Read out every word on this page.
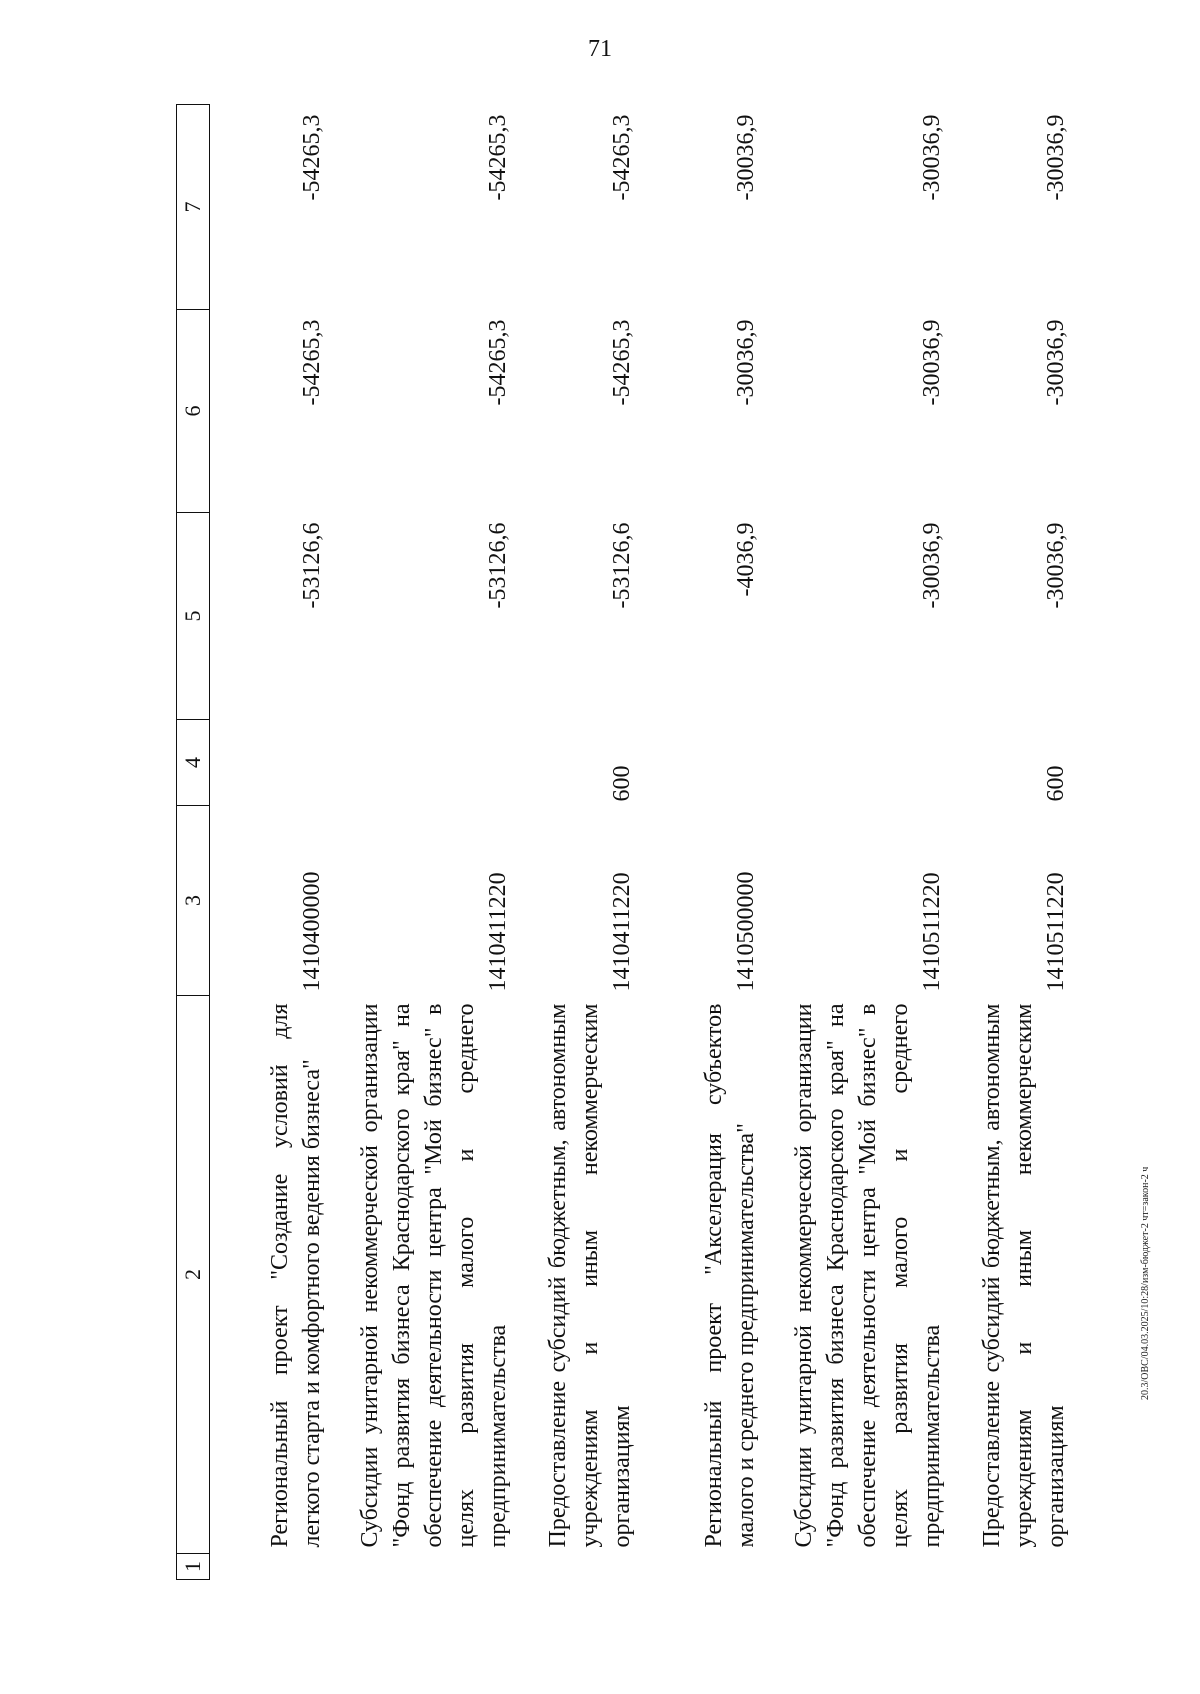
71
1	2	3	4	5	6	7
	Региональный проект "Создание условий для легкого старта и комфортного ведения бизнеса"	1410400000		-53126,6	-54265,3	-54265,3
	Субсидии унитарной некоммерческой организации "Фонд развития бизнеса Краснодарского края" на обеспечение деятельности центра "Мой бизнес" в целях развития малого и среднего предпринимательства	1410411220		-53126,6	-54265,3	-54265,3
	Предоставление субсидий бюджетным, автономным учреждениям и иным некоммерческим организациям	1410411220	600	-53126,6	-54265,3	-54265,3
	Региональный проект "Акселерация субъектов малого и среднего предпринимательства"	1410500000		-4036,9	-30036,9	-30036,9
	Субсидии унитарной некоммерческой организации "Фонд развития бизнеса Краснодарского края" на обеспечение деятельности центра "Мой бизнес" в целях развития малого и среднего предпринимательства	1410511220		-30036,9	-30036,9	-30036,9
	Предоставление субсидий бюджетным, автономным учреждениям и иным некоммерческим организациям	1410511220	600	-30036,9	-30036,9	-30036,9
20.3/ОВС/04.03.2025/10:28/изм-бюджет-2 чт=закон-2 ч
